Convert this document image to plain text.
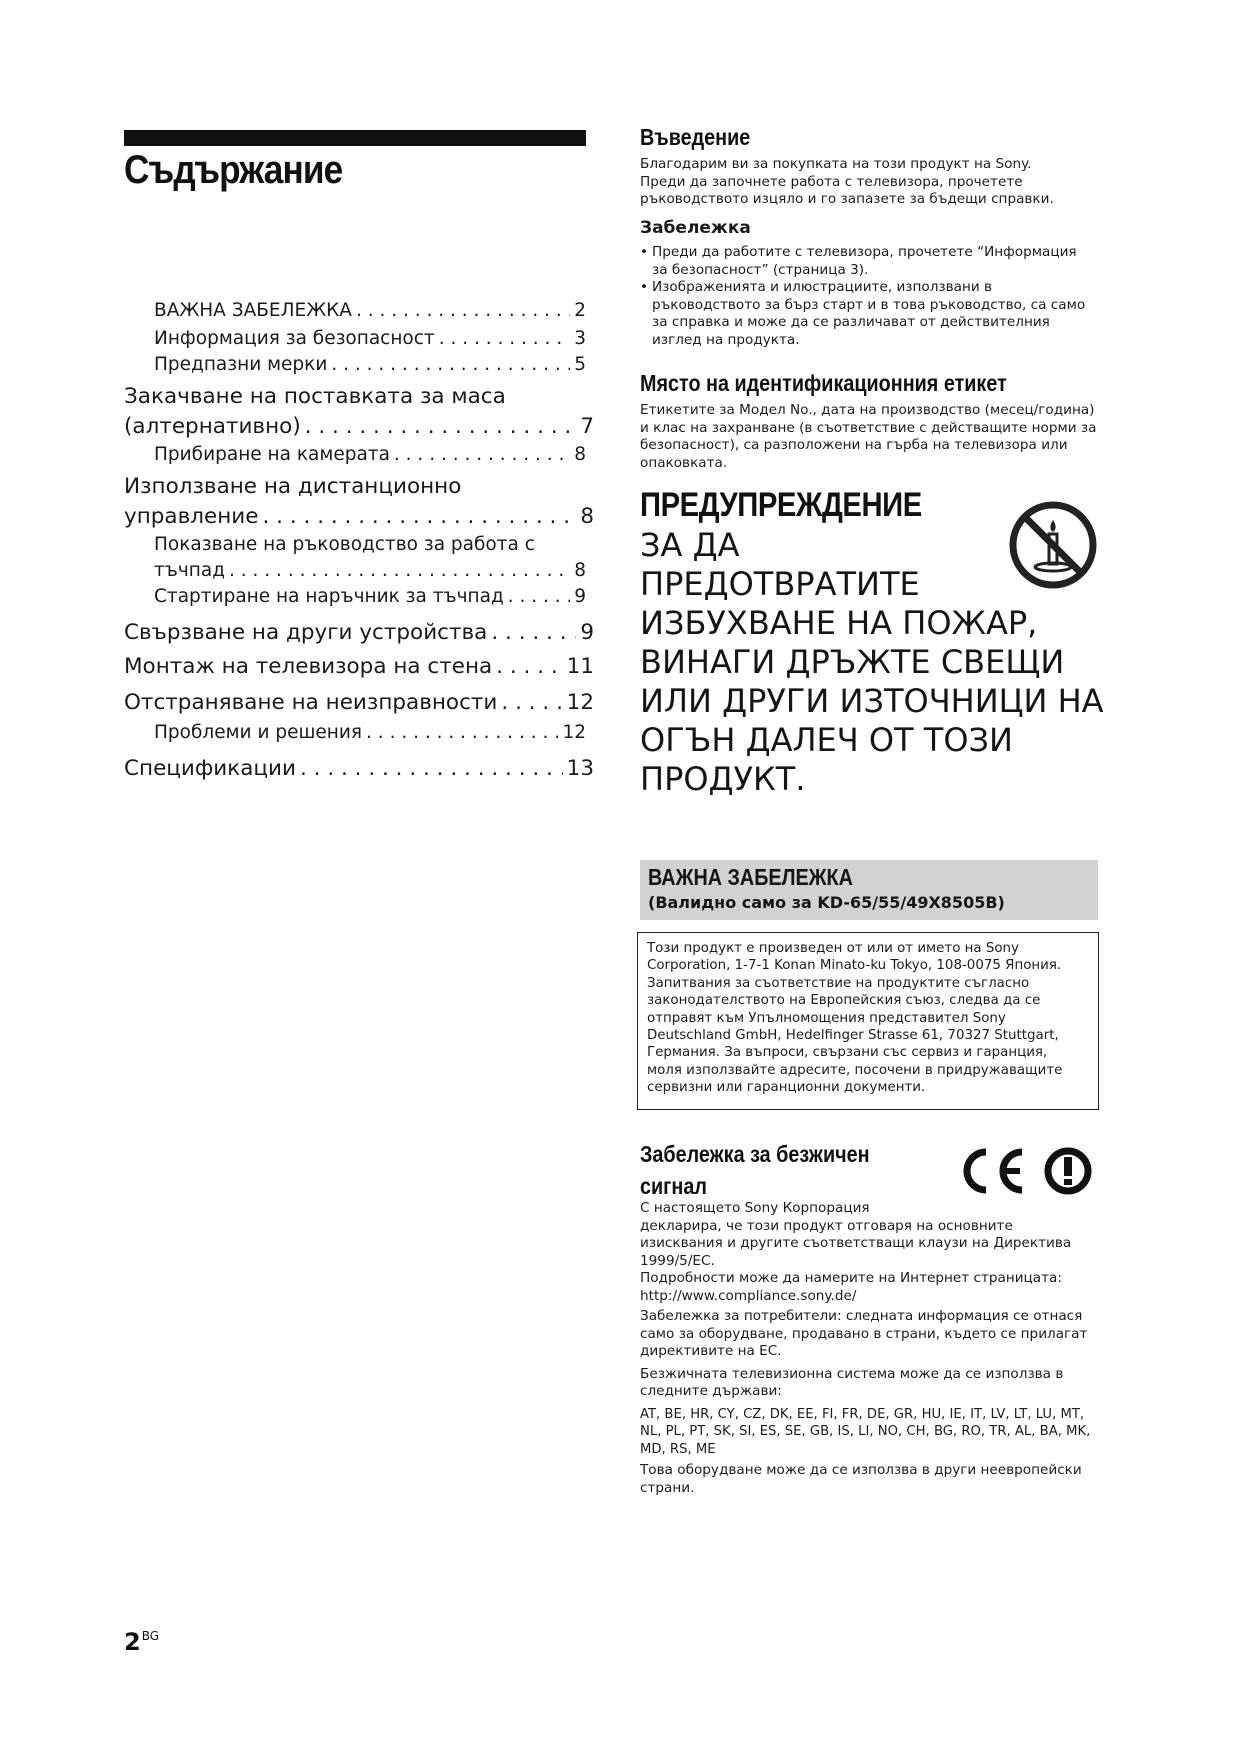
Съдържание
ВАЖНА ЗАБЕЛЕЖКА . . .	2
Информация за безопасност . . .	3
Предпазни мерки . . .	5
Закачване на поставката за маса
(алтернативно) . . .	7
Прибиране на камерата . . .	8
Използване на дистанционно
управление . . .	8
Показване на ръководство за работа с
тъчпад . . .	8
Стартиране на наръчник за тъчпад . . .	9
Свързване на други устройства . . .	9
Монтаж на телевизора на стена . . .	11
Отстраняване на неизправности . . .	12
Проблеми и решения . . .	12
Спецификации . . .	13
$2^{BG}$
Въведение
Благодарим ви за покупката на този продукт на Sony.
Преди да започнете работа с телевизора, прочетете
ръководството изцяло и го запазете за бъдещи справки.
Забележка
• Преди да работите с телевизора, прочетете “Информация
за безопасност” (страница 3).
• Изображенията и илюстрациите, използвани в
ръководството за бърз старт и в това ръководство, са само
за справка и може да се различават от действителния
изглед на продукта.
Място на идентификационния етикет
Етикетите за Модел No., дата на производство (месец/година)
и клас на захранване (в съответствие с действащите норми за
безопасност), са разположени на гърба на телевизора или
опаковката.
ПРЕДУПРЕЖДЕНИЕ
ЗА ДА
ПРЕДОТВРАТИТЕ
ИЗБУХВАНЕ НА ПОЖАР,
ВИНАГИ ДРЪЖТЕ СВЕЩИ
ИЛИ ДРУГИ ИЗТОЧНИЦИ НА
ОГЪН ДАЛЕЧ ОТ ТОЗИ
ПРОДУКТ.
ВАЖНА ЗАБЕЛЕЖКА
(Валидно само за KD-65/55/49X8505B)

Този продукт е произведен от или от името на Sony

Corporation, 1-7-1 Konan Minato-ku Tokyo, 108-0075 Япония.

Запитвания за съответствие на продуктите съгласно

законодателството на Европейския съюз, следва да се

отправят към Упълномощения представител Sony

Deutschland GmbH, Hedelfinger Strasse 61, 70327 Stuttgart,

Германия. За въпроси, свързани със сервиз и гаранция,

моля използвайте адресите, посочени в придружаващите

сервизни или гаранционни документи.

Забележка за безжичен
сигнал
С настоящето Sony Корпорация
декларира, че този продукт отговаря на основните
изисквания и другите съответстващи клаузи на Директива
1999/5/EC.
Подробности може да намерите на Интернет страницата:
http://www.compliance.sony.de/
Забележка за потребители: следната информация се отнася
само за оборудване, продавано в страни, където се прилагат
директивите на ЕС.
Безжичната телевизионна система може да се използва в
следните държави:
AT, BE, HR, CY, CZ, DK, EE, FI, FR, DE, GR, HU, IE, IT, LV, LT, LU, MT,
NL, PL, PT, SK, SI, ES, SE, GB, IS, LI, NO, CH, BG, RO, TR, AL, BA, MK,
MD, RS, ME
Това оборудване може да се използва в други неевропейски
страни.
